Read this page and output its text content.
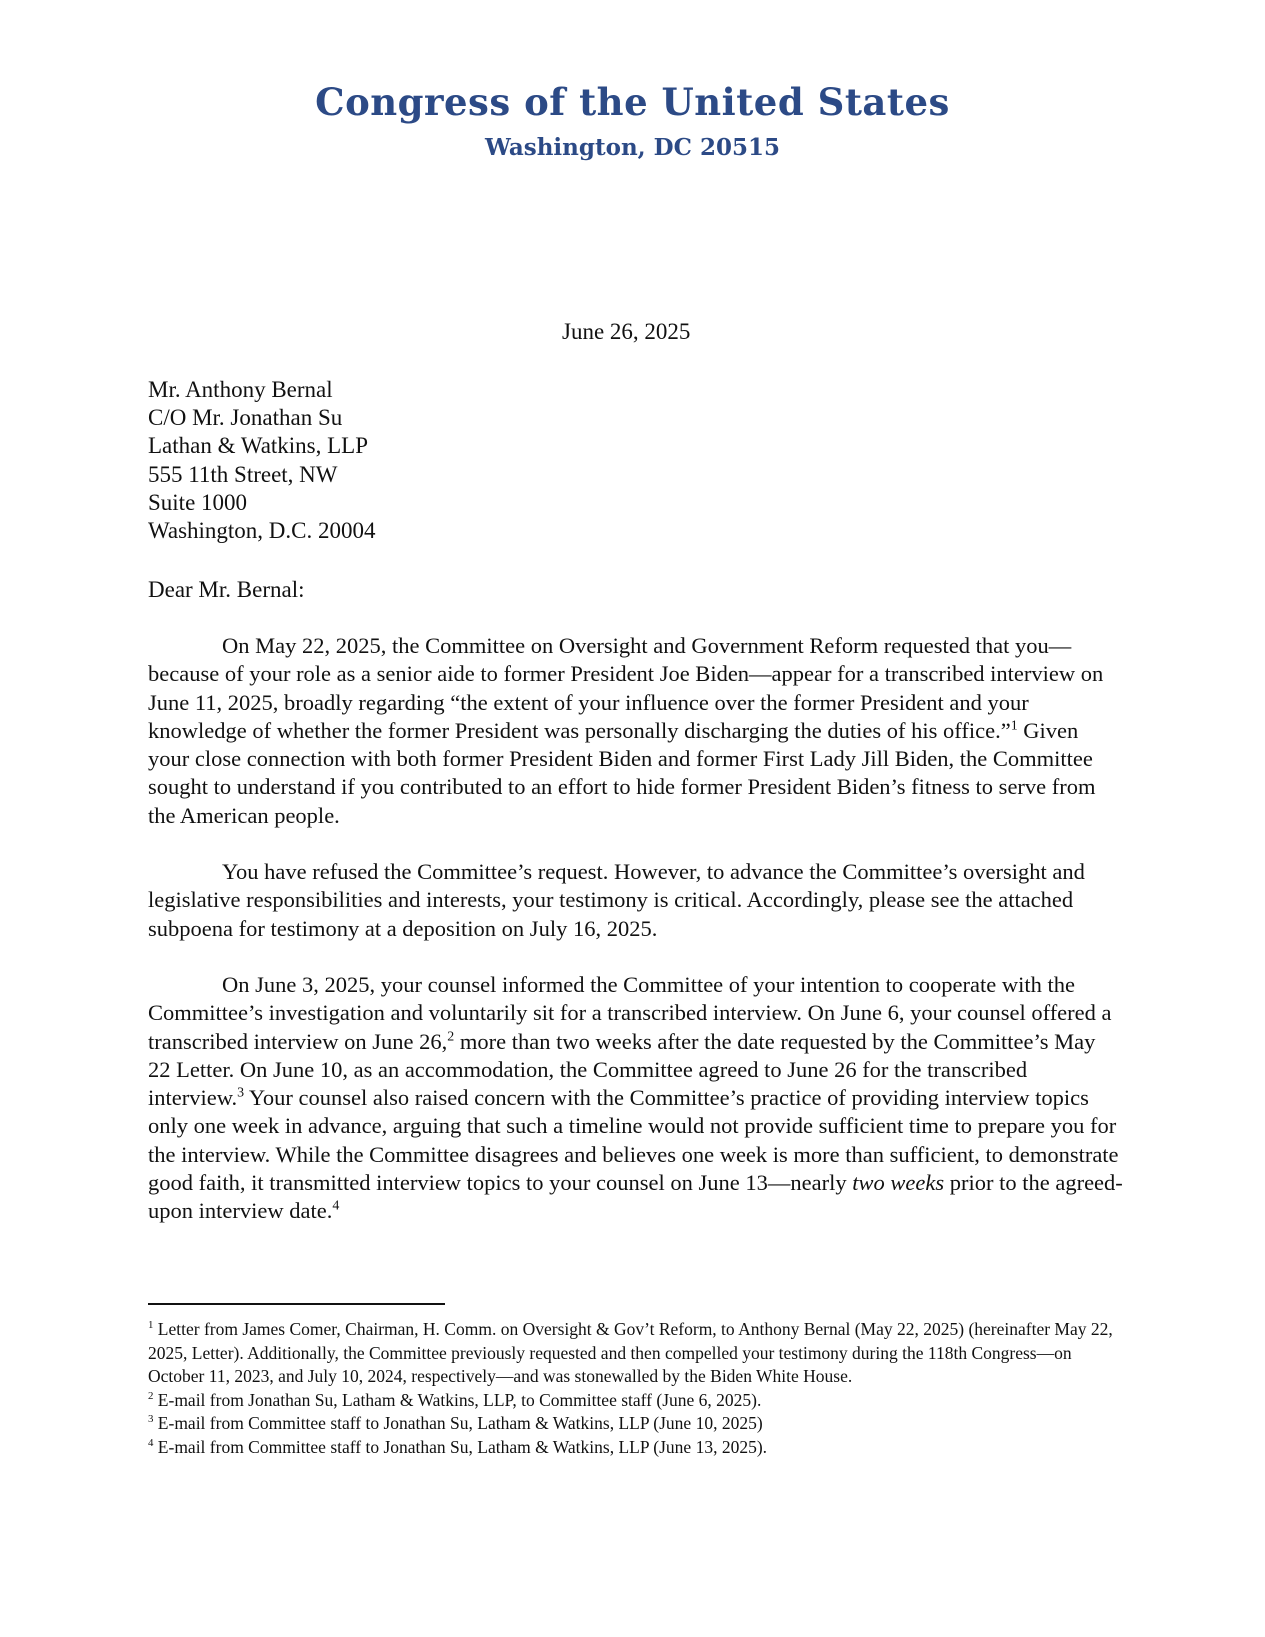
Congress of the United States
Washington, DC 20515
June 26, 2025
Mr. Anthony Bernal
C/O Mr. Jonathan Su
Lathan & Watkins, LLP
555 11th Street, NW
Suite 1000
Washington, D.C. 20004
Dear Mr. Bernal:

On May 22, 2025, the Committee on Oversight and Government Reform requested that you—because of your role as a senior aide to former President Joe Biden—appear for a transcribed interview on June 11, 2025, broadly regarding “the extent of your influence over the former President and your knowledge of whether the former President was personally discharging the duties of his office.”$^1$ Given your close connection with both former President Biden and former First Lady Jill Biden, the Committee sought to understand if you contributed to an effort to hide former President Biden’s fitness to serve from the American people.

You have refused the Committee’s request. However, to advance the Committee’s oversight and legislative responsibilities and interests, your testimony is critical. Accordingly, please see the attached subpoena for testimony at a deposition on July 16, 2025.

On June 3, 2025, your counsel informed the Committee of your intention to cooperate with the Committee’s investigation and voluntarily sit for a transcribed interview. On June 6, your counsel offered a transcribed interview on June 26,$^2$ more than two weeks after the date requested by the Committee’s May 22 Letter. On June 10, as an accommodation, the Committee agreed to June 26 for the transcribed interview.$^3$ Your counsel also raised concern with the Committee’s practice of providing interview topics only one week in advance, arguing that such a timeline would not provide sufficient time to prepare you for the interview. While the Committee disagrees and believes one week is more than sufficient, to demonstrate good faith, it transmitted interview topics to your counsel on June 13—nearly two weeks prior to the agreed-upon interview date.$^4$

$^1$ Letter from James Comer, Chairman, H. Comm. on Oversight & Gov’t Reform, to Anthony Bernal (May 22, 2025) (hereinafter May 22, 2025, Letter). Additionally, the Committee previously requested and then compelled your testimony during the 118th Congress—on October 11, 2023, and July 10, 2024, respectively—and was stonewalled by the Biden White House.

$^2$ E-mail from Jonathan Su, Latham & Watkins, LLP, to Committee staff (June 6, 2025).

$^3$ E-mail from Committee staff to Jonathan Su, Latham & Watkins, LLP (June 10, 2025)

$^4$ E-mail from Committee staff to Jonathan Su, Latham & Watkins, LLP (June 13, 2025).
